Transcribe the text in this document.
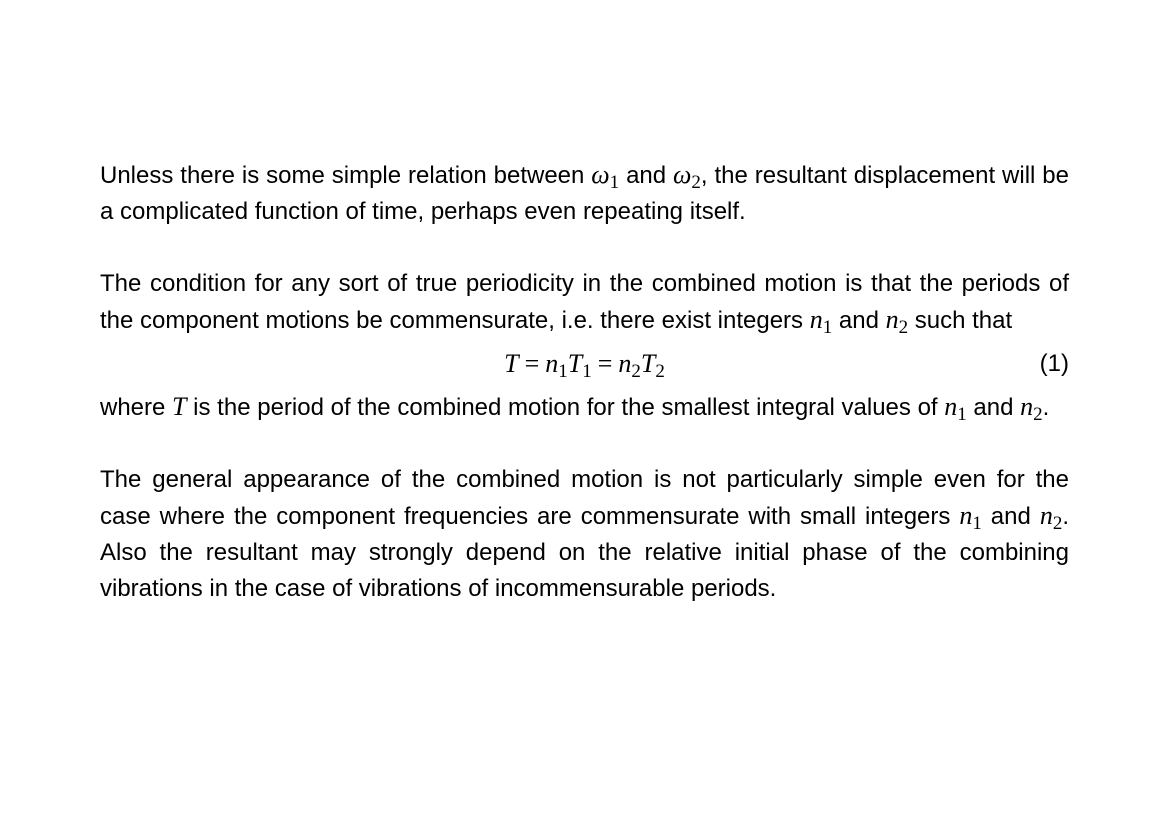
Unless there is some simple relation between $\omega_1$ and $\omega_2$, the resultant displacement will be a complicated function of time, perhaps even repeating itself.

The condition for any sort of true periodicity in the combined motion is that the periods of the component motions be commensurate, i.e. there exist integers $n_1$ and $n_2$ such that

$T = n_1T_1 = n_2T_2$	(1)

where T is the period of the combined motion for the smallest integral values of $n_1$ and $n_2$.

The general appearance of the combined motion is not particularly simple even for the case where the component frequencies are commensurate with small integers $n_1$ and $n_2$. Also the resultant may strongly depend on the relative initial phase of the combining vibrations in the case of vibrations of incommensurable periods.
